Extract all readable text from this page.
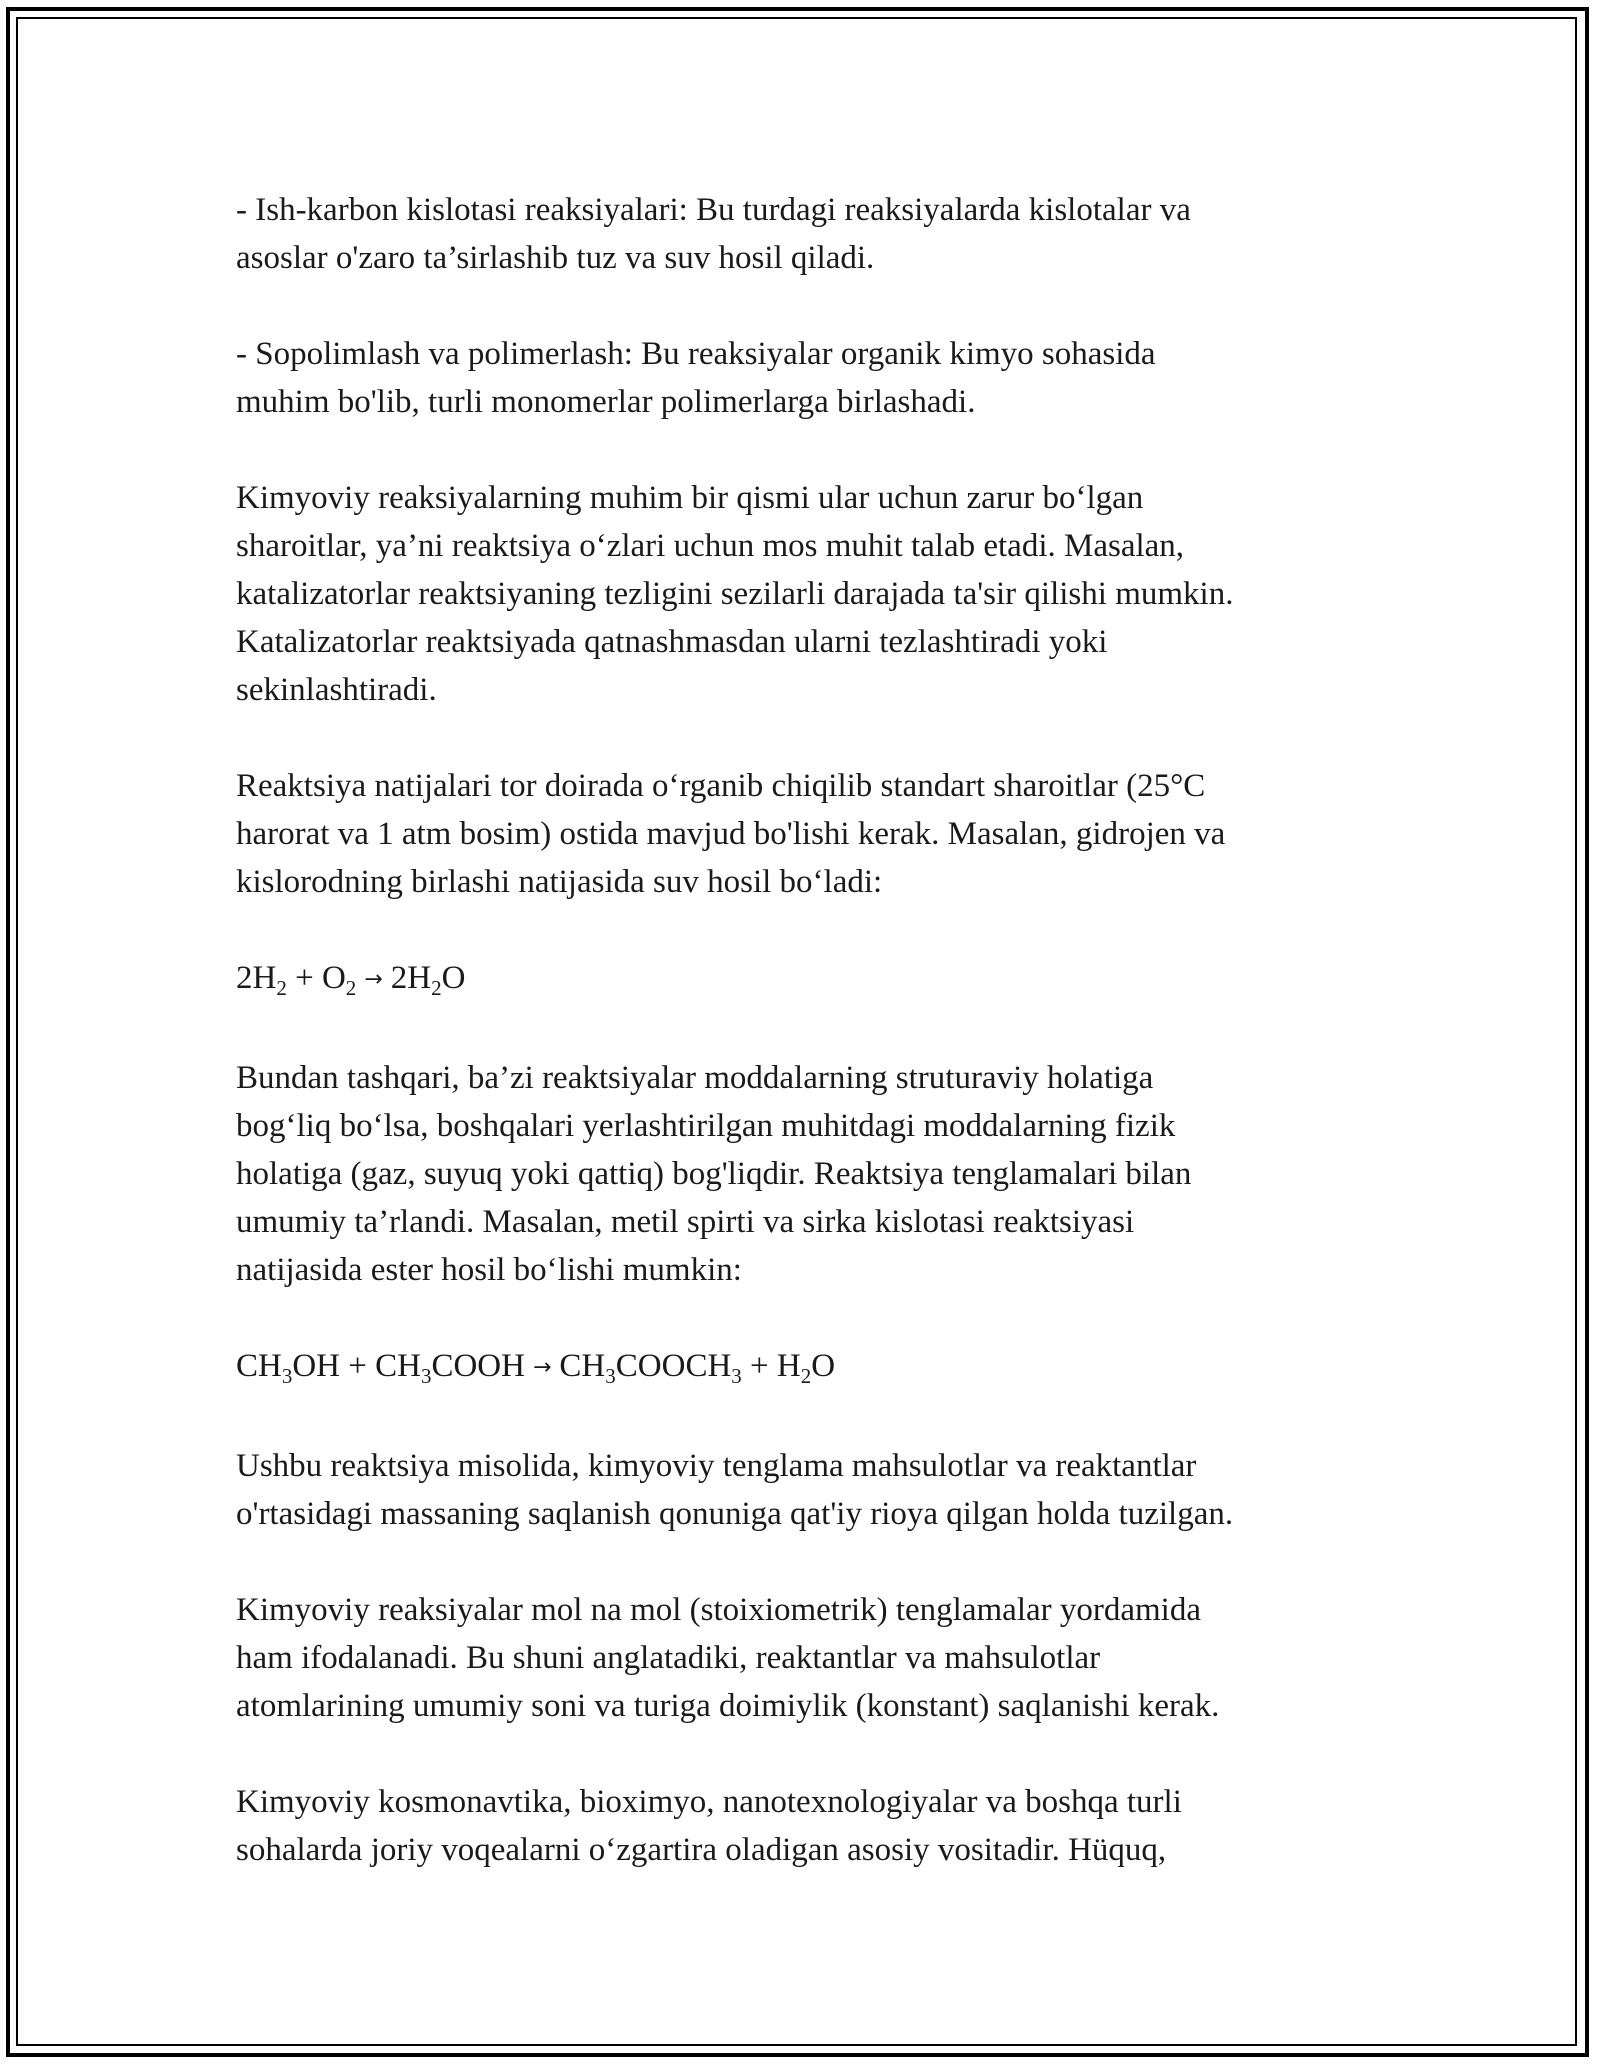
- Ish-karbon kislotasi reaksiyalari: Bu turdagi reaksiyalarda kislotalar va
asoslar o'zaro ta’sirlashib tuz va suv hosil qiladi.

- Sopolimlash va polimerlash: Bu reaksiyalar organik kimyo sohasida
muhim bo'lib, turli monomerlar polimerlarga birlashadi.

Kimyoviy reaksiyalarning muhim bir qismi ular uchun zarur bo‘lgan
sharoitlar, ya’ni reaktsiya o‘zlari uchun mos muhit talab etadi. Masalan,
katalizatorlar reaktsiyaning tezligini sezilarli darajada ta'sir qilishi mumkin.
Katalizatorlar reaktsiyada qatnashmasdan ularni tezlashtiradi yoki
sekinlashtiradi.

Reaktsiya natijalari tor doirada o‘rganib chiqilib standart sharoitlar (25°C
harorat va 1 atm bosim) ostida mavjud bo'lishi kerak. Masalan, gidrojen va
kislorodning birlashi natijasida suv hosil bo‘ladi:

$2H_2 + O_2 \to 2H_2O$

Bundan tashqari, ba’zi reaktsiyalar moddalarning struturaviy holatiga
bog‘liq bo‘lsa, boshqalari yerlashtirilgan muhitdagi moddalarning fizik
holatiga (gaz, suyuq yoki qattiq) bog'liqdir. Reaktsiya tenglamalari bilan
umumiy ta’rlandi. Masalan, metil spirti va sirka kislotasi reaktsiyasi
natijasida ester hosil bo‘lishi mumkin:

$CH_3OH$ + $CH_3COOH$ → $CH_3COOCH_3 + H_2O$

Ushbu reaktsiya misolida, kimyoviy tenglama mahsulotlar va reaktantlar
o'rtasidagi massaning saqlanish qonuniga qat'iy rioya qilgan holda tuzilgan.

Kimyoviy reaksiyalar mol na mol (stoixiometrik) tenglamalar yordamida
ham ifodalanadi. Bu shuni anglatadiki, reaktantlar va mahsulotlar
atomlarining umumiy soni va turiga doimiylik (konstant) saqlanishi kerak.

Kimyoviy kosmonavtika, bioximyo, nanotexnologiyalar va boshqa turli
sohalarda joriy voqealarni o‘zgartira oladigan asosiy vositadir. Hüquq,
